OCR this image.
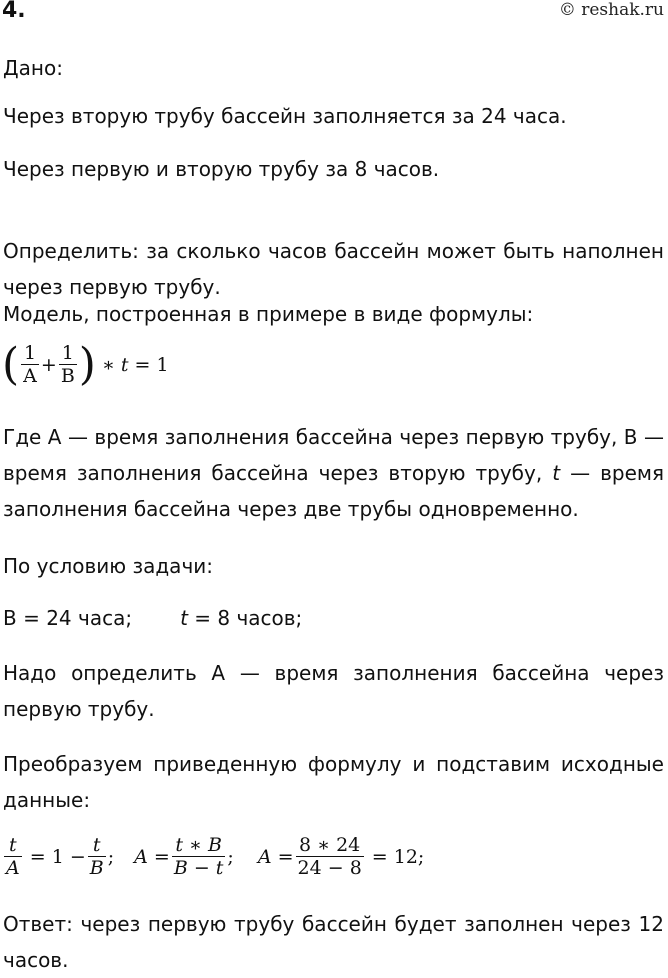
4.	© reshak.ru

Дано:

Через вторую трубу бассейн заполняется за 24 часа.

Через первую и вторую трубу за 8 часов.

Определить: за сколько часов бассейн может быть наполнен через первую трубу.

Модель, построенная в примере в виде формулы:

( $\frac{1}{A} + \frac{1}{B}$ ) ∗ t = 1

Где А — время заполнения бассейна через первую трубу, В — время заполнения бассейна через вторую трубу, t — время заполнения бассейна через две трубы одновременно.

По условию задачи:

В = 24 часа; t = 8 часов;

Надо определить А — время заполнения бассейна через первую трубу.

Преобразуем приведенную формулу и подставим исходные данные:

$\frac{t}{A} = 1 - \frac{t}{B}$ ; $A = \frac{t ∗ B}{B - t}$ ; $A = \frac{8 ∗ 24}{24 - 8} = 12$;

Ответ: через первую трубу бассейн будет заполнен через 12 часов.
